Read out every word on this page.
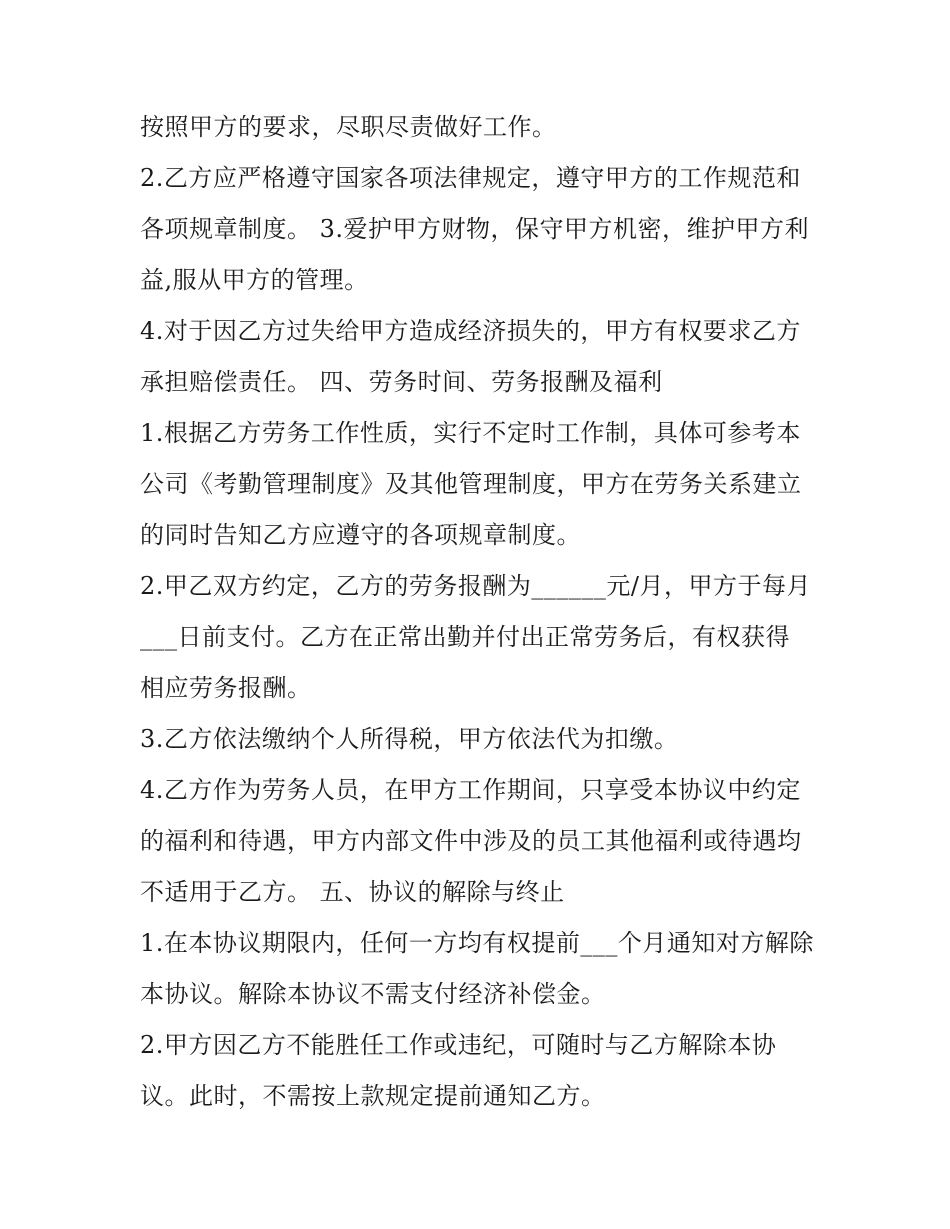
按照甲方的要求，尽职尽责做好工作。
2.乙方应严格遵守国家各项法律规定，遵守甲方的工作规范和
各项规章制度。 3.爱护甲方财物，保守甲方机密，维护甲方利
益,服从甲方的管理。
4.对于因乙方过失给甲方造成经济损失的，甲方有权要求乙方
承担赔偿责任。 四、劳务时间、劳务报酬及福利
1.根据乙方劳务工作性质，实行不定时工作制，具体可参考本
公司《考勤管理制度》及其他管理制度，甲方在劳务关系建立
的同时告知乙方应遵守的各项规章制度。
2.甲乙双方约定，乙方的劳务报酬为______元/月，甲方于每月
___日前支付。乙方在正常出勤并付出正常劳务后，有权获得
相应劳务报酬。
3.乙方依法缴纳个人所得税，甲方依法代为扣缴。
4.乙方作为劳务人员，在甲方工作期间，只享受本协议中约定
的福利和待遇，甲方内部文件中涉及的员工其他福利或待遇均
不适用于乙方。 五、协议的解除与终止
1.在本协议期限内，任何一方均有权提前___个月通知对方解除
本协议。解除本协议不需支付经济补偿金。
2.甲方因乙方不能胜任工作或违纪，可随时与乙方解除本协
议。此时，不需按上款规定提前通知乙方。
